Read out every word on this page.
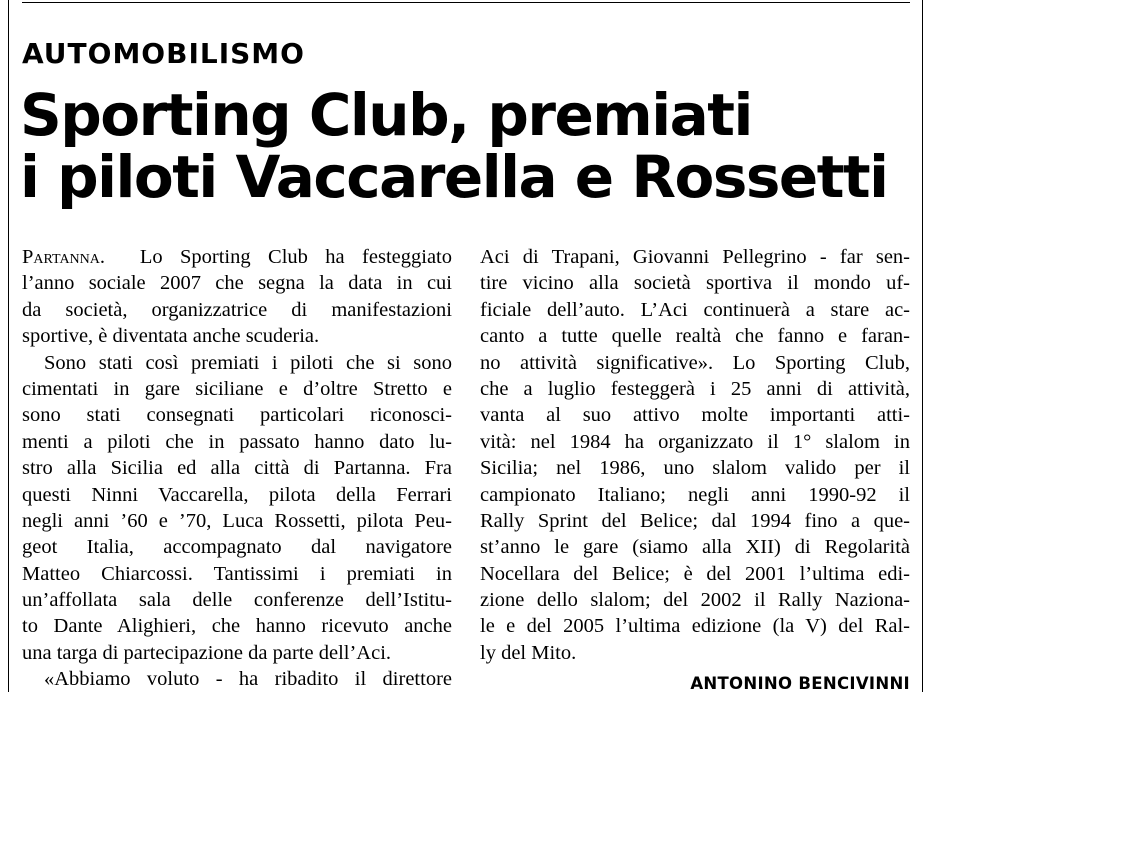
AUTOMOBILISMO
Sporting Club, premiati
i piloti Vaccarella e Rossetti
Partanna. Lo Sporting Club ha festeggiato
l’anno sociale 2007 che segna la data in cui
da società, organizzatrice di manifestazioni
sportive, è diventata anche scuderia.
Sono stati così premiati i piloti che si sono
cimentati in gare siciliane e d’oltre Stretto e
sono stati consegnati particolari riconosci-
menti a piloti che in passato hanno dato lu-
stro alla Sicilia ed alla città di Partanna. Fra
questi Ninni Vaccarella, pilota della Ferrari
negli anni ’60 e ’70, Luca Rossetti, pilota Peu-
geot Italia, accompagnato dal navigatore
Matteo Chiarcossi. Tantissimi i premiati in
un’affollata sala delle conferenze dell’Istitu-
to Dante Alighieri, che hanno ricevuto anche
una targa di partecipazione da parte dell’Aci.
«Abbiamo voluto - ha ribadito il direttore
Aci di Trapani, Giovanni Pellegrino - far sen-
tire vicino alla società sportiva il mondo uf-
ficiale dell’auto. L’Aci continuerà a stare ac-
canto a tutte quelle realtà che fanno e faran-
no attività significative». Lo Sporting Club,
che a luglio festeggerà i 25 anni di attività,
vanta al suo attivo molte importanti atti-
vità: nel 1984 ha organizzato il 1° slalom in
Sicilia; nel 1986, uno slalom valido per il
campionato Italiano; negli anni 1990-92 il
Rally Sprint del Belice; dal 1994 fino a que-
st’anno le gare (siamo alla XII) di Regolarità
Nocellara del Belice; è del 2001 l’ultima edi-
zione dello slalom; del 2002 il Rally Naziona-
le e del 2005 l’ultima edizione (la V) del Ral-
ly del Mito.
ANTONINO BENCIVINNI
